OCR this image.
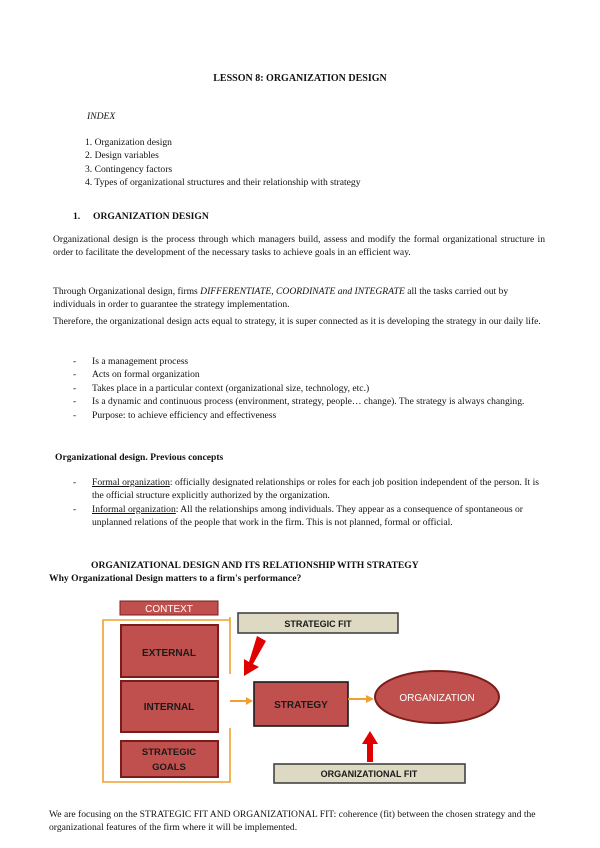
LESSON 8: ORGANIZATION DESIGN
INDEX
1. Organization design
2. Design variables
3. Contingency factors
4. Types of organizational structures and their relationship with strategy
1. ORGANIZATION DESIGN
Organizational design is the process through which managers build, assess and modify the formal organizational structure in order to facilitate the development of the necessary tasks to achieve goals in an efficient way.
Through Organizational design, firms DIFFERENTIATE, COORDINATE and INTEGRATE all the tasks carried out by individuals in order to guarantee the strategy implementation.
Therefore, the organizational design acts equal to strategy, it is super connected as it is developing the strategy in our daily life.
- Is a management process
- Acts on formal organization
- Takes place in a particular context (organizational size, technology, etc.)
- Is a dynamic and continuous process (environment, strategy, people… change). The strategy is always changing.
- Purpose: to achieve efficiency and effectiveness
Organizational design. Previous concepts
- Formal organization: officially designated relationships or roles for each job position independent of the person. It is the official structure explicitly authorized by the organization.
- Informal organization: All the relationships among individuals. They appear as a consequence of spontaneous or unplanned relations of the people that work in the firm. This is not planned, formal or official.
ORGANIZATIONAL DESIGN AND ITS RELATIONSHIP WITH STRATEGY
Why Organizational Design matters to a firm's performance?
CONTEXT
EXTERNAL
INTERNAL
STRATEGIC
GOALS
STRATEGIC FIT
STRATEGY
ORGANIZATION
ORGANIZATIONAL FIT
We are focusing on the STRATEGIC FIT AND ORGANIZATIONAL FIT: coherence (fit) between the chosen strategy and the organizational features of the firm where it will be implemented.
